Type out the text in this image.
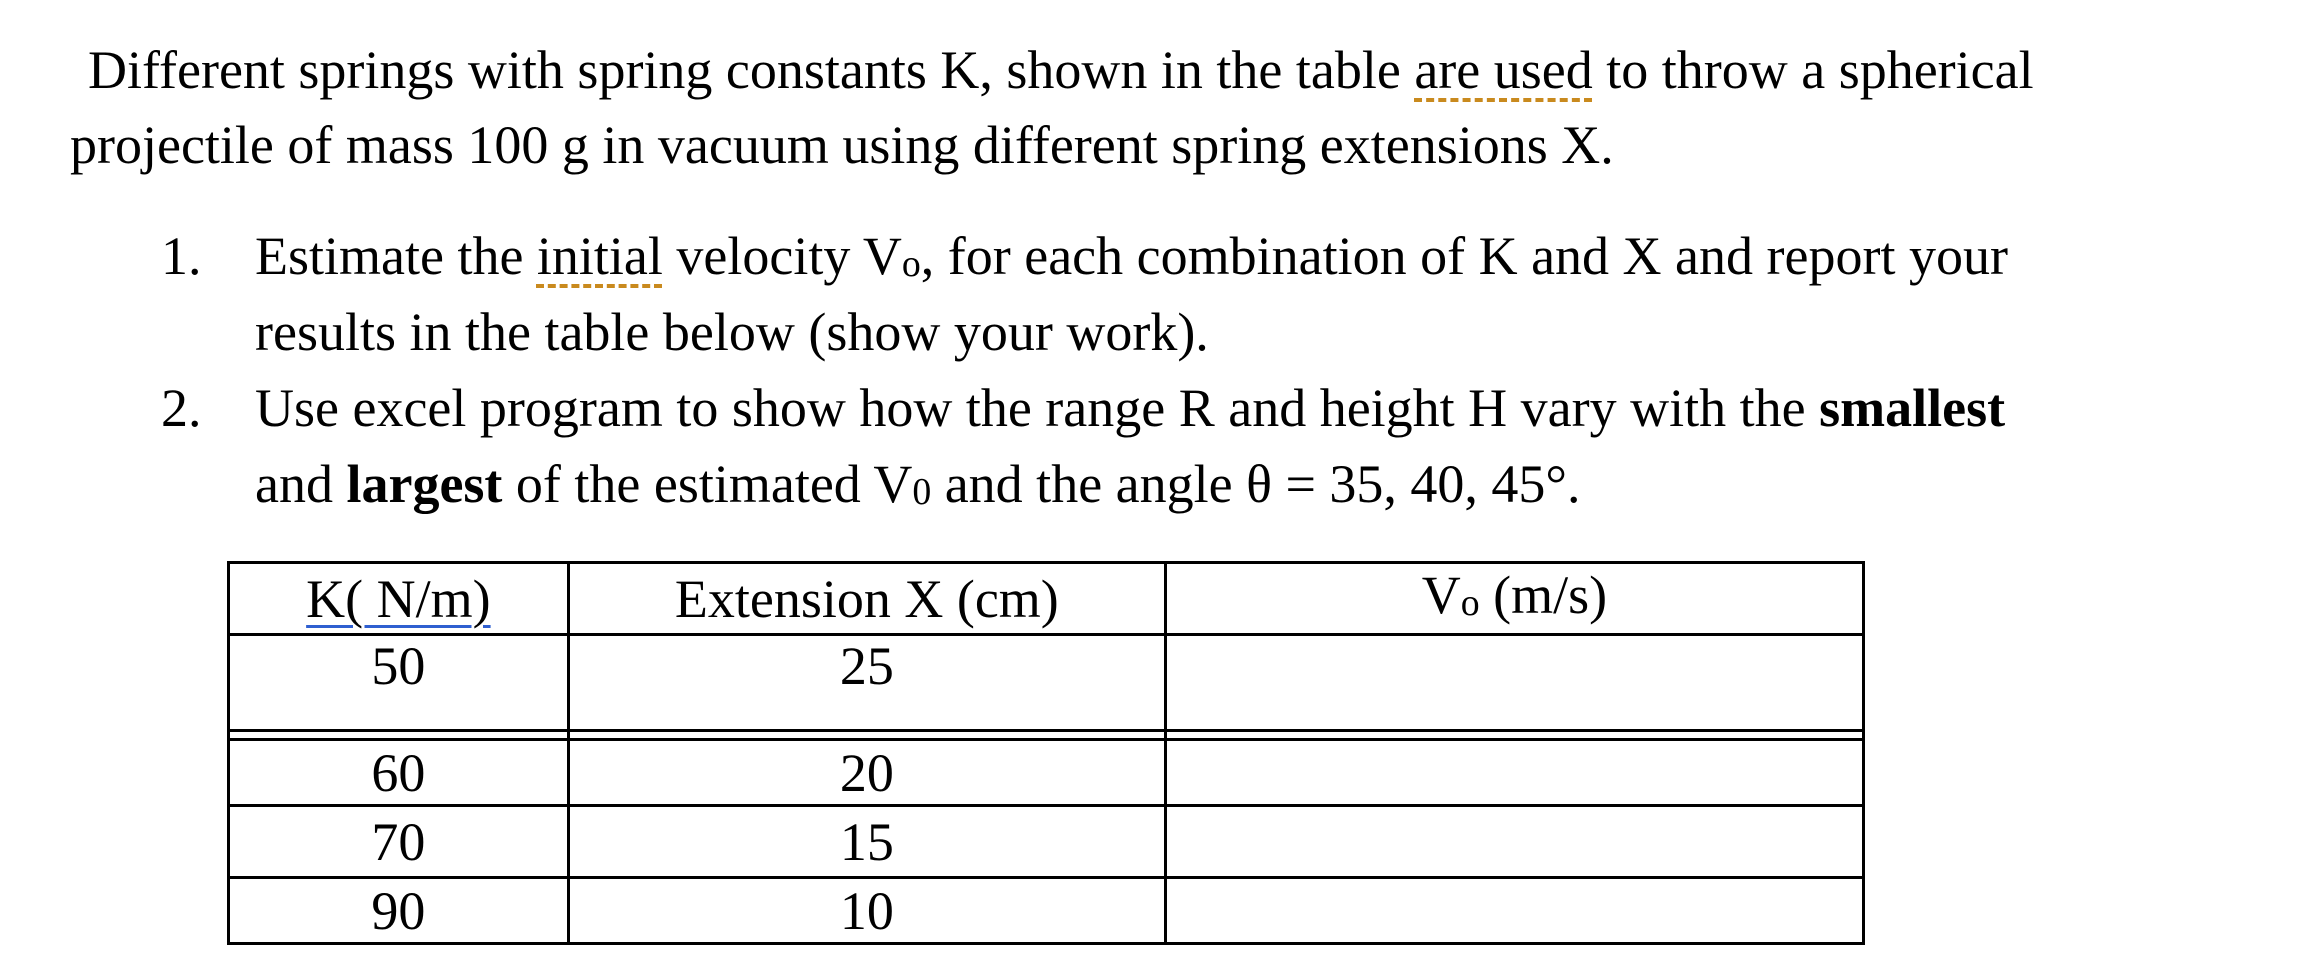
Different springs with spring constants K, shown in the table are used to throw a spherical
projectile of mass 100 g in vacuum using different spring extensions X.
1. Estimate the initial velocity $V_o$, for each combination of K and X and report your
results in the table below (show your work).
2. Use excel program to show how the range R and height H vary with the smallest
and largest of the estimated $V_0$ and the angle θ = 35, 40, 45°.
K( N/m)	Extension X (cm)	$V_o$ (m/s)
50	25	

60	20	
70	15	
90	10	
